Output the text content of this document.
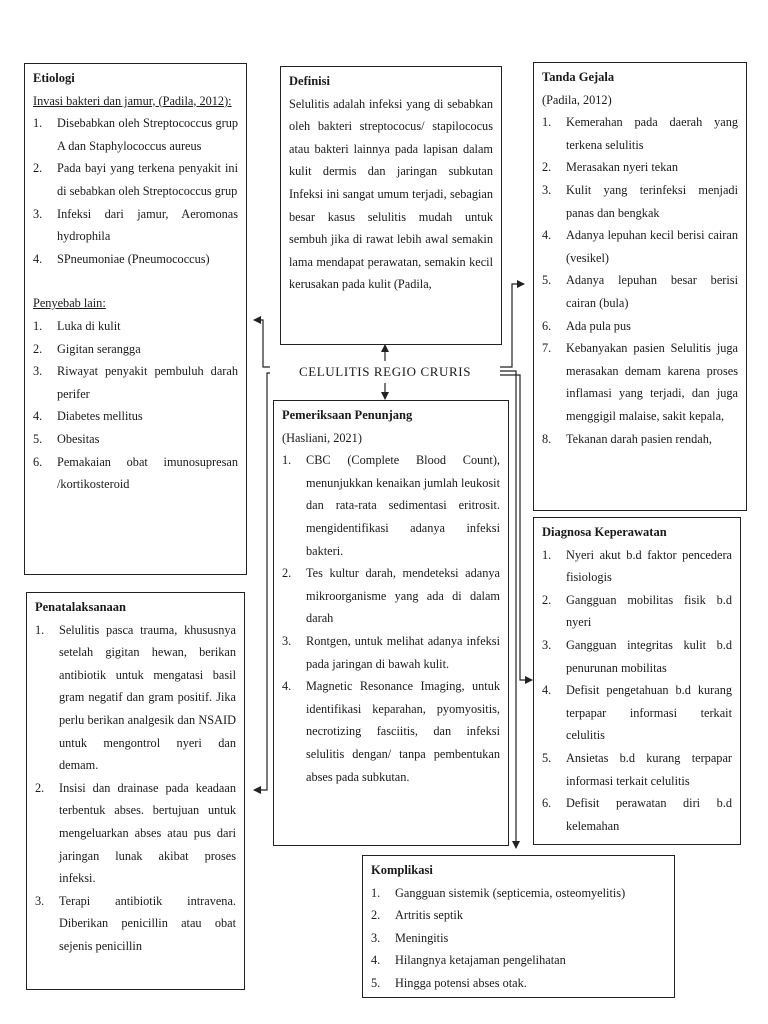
Etiologi
Invasi bakteri dan jamur, (Padila, 2012):
1.	Disebabkan oleh Streptococcus grup A dan Staphylococcus aureus
2.	Pada bayi yang terkena penyakit ini di sebabkan oleh Streptococcus grup
3.	Infeksi dari jamur, Aeromonas hydrophila
4.	SPneumoniae (Pneumococcus)
Penyebab lain:
1.	Luka di kulit
2.	Gigitan serangga
3.	Riwayat penyakit pembuluh darah perifer
4.	Diabetes mellitus
5.	Obesitas
6.	Pemakaian obat imunosupresan /kortikosteroid
Definisi
Selulitis adalah infeksi yang di sebabkan oleh bakteri streptococus/ stapilococus atau bakteri lainnya pada lapisan dalam kulit dermis dan jaringan subkutan Infeksi ini sangat umum terjadi, sebagian besar kasus selulitis mudah untuk sembuh jika di rawat lebih awal semakin lama mendapat perawatan, semakin kecil kerusakan pada kulit (Padila,
Tanda Gejala
(Padila, 2012)
1.	Kemerahan pada daerah yang terkena selulitis
2.	Merasakan nyeri tekan
3.	Kulit yang terinfeksi menjadi panas dan bengkak
4.	Adanya lepuhan kecil berisi cairan (vesikel)
5.	Adanya lepuhan besar berisi cairan (bula)
6.	Ada pula pus
7.	Kebanyakan pasien Selulitis juga merasakan demam karena proses inflamasi yang terjadi, dan juga menggigil malaise, sakit kepala,
8.	Tekanan darah pasien rendah,
CELULITIS REGIO CRURIS
Pemeriksaan Penunjang
(Hasliani, 2021)
1.	CBC (Complete Blood Count), menunjukkan kenaikan jumlah leukosit dan rata-rata sedimentasi eritrosit. mengidentifikasi adanya infeksi bakteri.
2.	Tes kultur darah, mendeteksi adanya mikroorganisme yang ada di dalam darah
3.	Rontgen, untuk melihat adanya infeksi pada jaringan di bawah kulit.
4.	Magnetic Resonance Imaging, untuk identifikasi keparahan, pyomyositis, necrotizing fasciitis, dan infeksi selulitis dengan/ tanpa pembentukan abses pada subkutan.
Diagnosa Keperawatan
1.	Nyeri akut b.d faktor pencedera fisiologis
2.	Gangguan mobilitas fisik b.d nyeri
3.	Gangguan integritas kulit b.d penurunan mobilitas
4.	Defisit pengetahuan b.d kurang terpapar informasi terkait celulitis
5.	Ansietas b.d kurang terpapar informasi terkait celulitis
6.	Defisit perawatan diri b.d kelemahan
Penatalaksanaan
1.	Selulitis pasca trauma, khususnya setelah gigitan hewan, berikan antibiotik untuk mengatasi basil gram negatif dan gram positif. Jika perlu berikan analgesik dan NSAID untuk mengontrol nyeri dan demam.
2.	Insisi dan drainase pada keadaan terbentuk abses. bertujuan untuk mengeluarkan abses atau pus dari jaringan lunak akibat proses infeksi.
3.	Terapi antibiotik intravena. Diberikan penicillin atau obat sejenis penicillin
Komplikasi
1.	Gangguan sistemik (septicemia, osteomyelitis)
2.	Artritis septik
3.	Meningitis
4.	Hilangnya ketajaman pengelihatan
5.	Hingga potensi abses otak.
